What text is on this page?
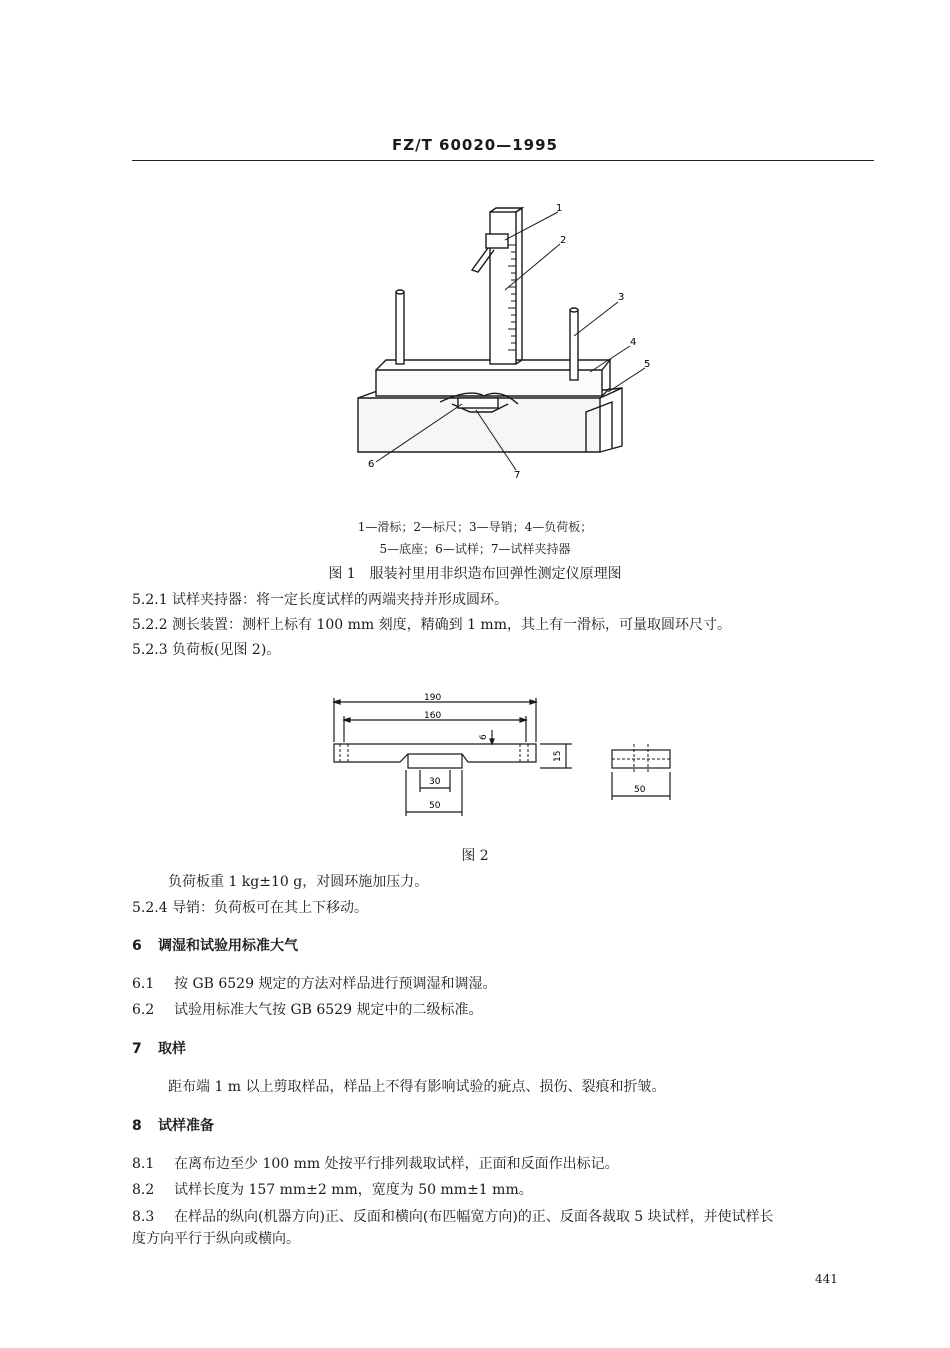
FZ/T 60020—1995
1
2
3
4
5
6
7
1—滑标；2—标尺；3—导销；4—负荷板；
5—底座；6—试样；7—试样夹持器
图 1　服装衬里用非织造布回弹性测定仪原理图
5.2.1 试样夹持器：将一定长度试样的两端夹持并形成圆环。
5.2.2 测长装置：测杆上标有 100 mm 刻度，精确到 1 mm，其上有一滑标，可量取圆环尺寸。
5.2.3 负荷板(见图 2)。
190
160
6
15
30
50
50
图 2
负荷板重 1 kg±10 g，对圆环施加压力。
5.2.4 导销：负荷板可在其上下移动。
6 调湿和试验用标准大气
6.1 按 GB 6529 规定的方法对样品进行预调湿和调湿。
6.2 试验用标准大气按 GB 6529 规定中的二级标准。
7 取样
距布端 1 m 以上剪取样品，样品上不得有影响试验的疵点、损伤、裂痕和折皱。
8 试样准备
8.1 在离布边至少 100 mm 处按平行排列裁取试样，正面和反面作出标记。
8.2 试样长度为 157 mm±2 mm，宽度为 50 mm±1 mm。
8.3 在样品的纵向(机器方向)正、反面和横向(布匹幅宽方向)的正、反面各裁取 5 块试样，并使试样长
度方向平行于纵向或横向。
441
